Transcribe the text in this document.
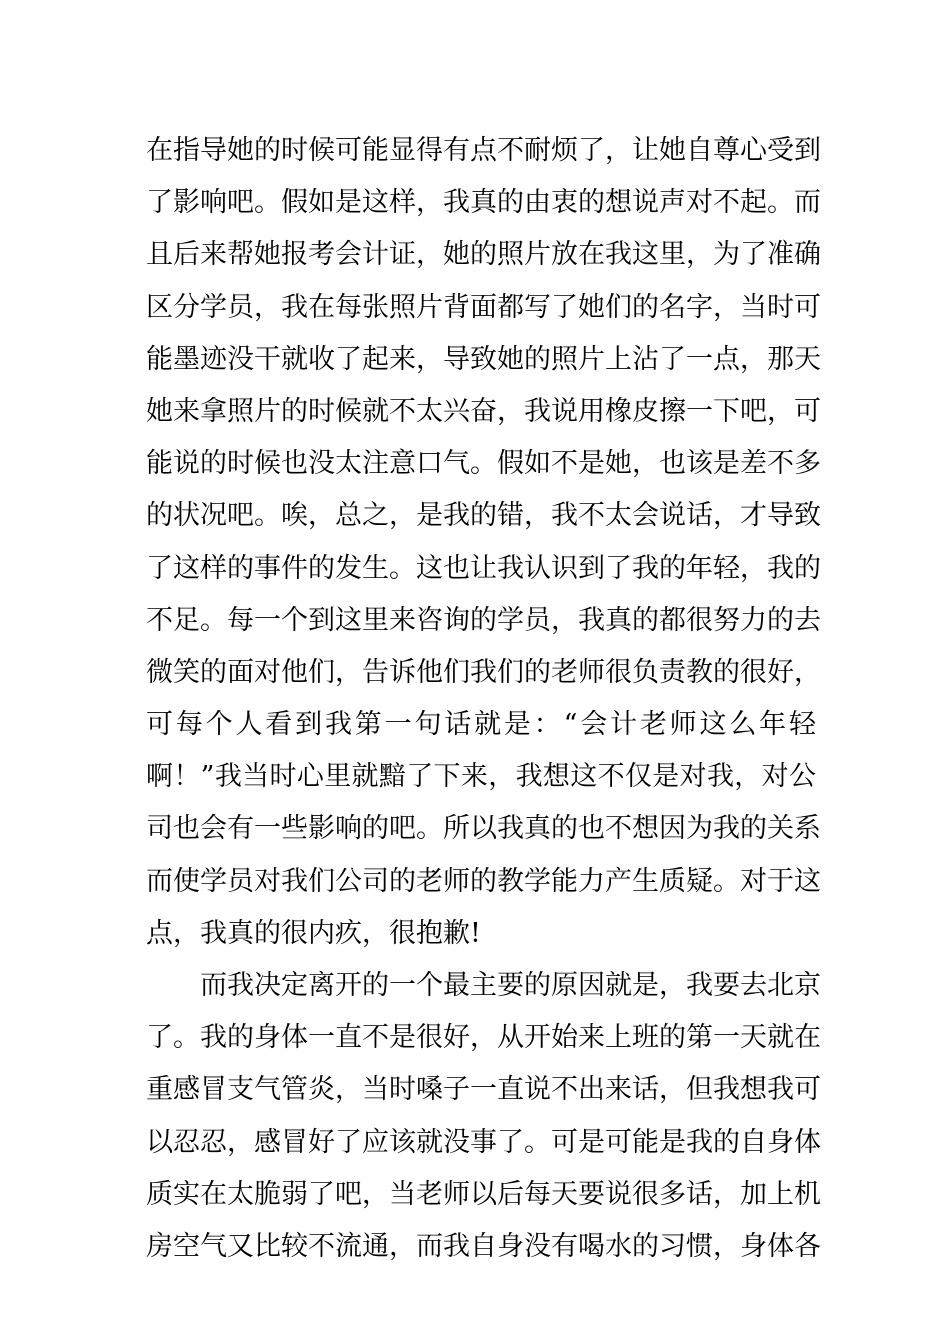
在指导她的时候可能显得有点不耐烦了，让她自尊心受到
了影响吧。假如是这样，我真的由衷的想说声对不起。而
且后来帮她报考会计证，她的照片放在我这里，为了准确
区分学员，我在每张照片背面都写了她们的名字，当时可
能墨迹没干就收了起来，导致她的照片上沾了一点，那天
她来拿照片的时候就不太兴奋，我说用橡皮擦一下吧，可
能说的时候也没太注意口气。假如不是她，也该是差不多
的状况吧。唉，总之，是我的错，我不太会说话，才导致
了这样的事件的发生。这也让我认识到了我的年轻，我的
不足。每一个到这里来咨询的学员，我真的都很努力的去
微笑的面对他们，告诉他们我们的老师很负责教的很好，
可每个人看到我第一句话就是：“会计老师这么年轻
啊！”我当时心里就黯了下来，我想这不仅是对我，对公
司也会有一些影响的吧。所以我真的也不想因为我的关系
而使学员对我们公司的老师的教学能力产生质疑。对于这
点，我真的很内疚，很抱歉!
而我决定离开的一个最主要的原因就是，我要去北京
了。我的身体一直不是很好，从开始来上班的第一天就在
重感冒支气管炎，当时嗓子一直说不出来话，但我想我可
以忍忍，感冒好了应该就没事了。可是可能是我的自身体
质实在太脆弱了吧，当老师以后每天要说很多话，加上机
房空气又比较不流通，而我自身没有喝水的习惯，身体各
